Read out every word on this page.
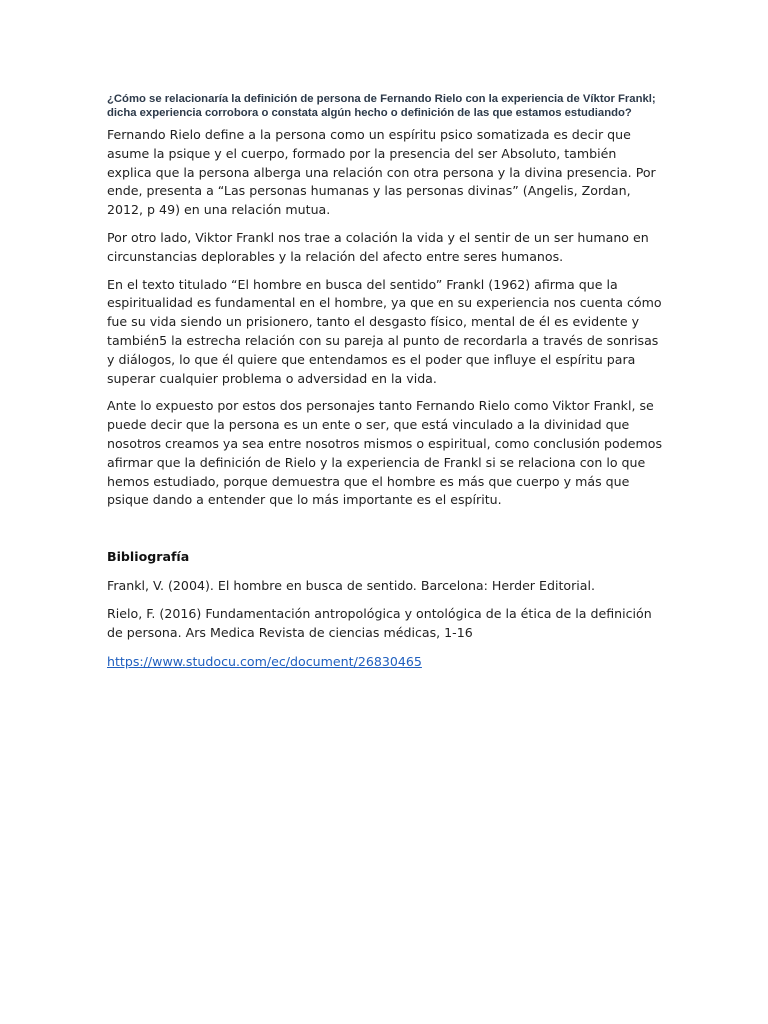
¿Cómo se relacionaría la definición de persona de Fernando Rielo con la experiencia de Víktor Frankl; dicha experiencia corrobora o constata algún hecho o definición de las que estamos estudiando?

Fernando Rielo define a la persona como un espíritu psico somatizada es decir que asume la psique y el cuerpo, formado por la presencia del ser Absoluto, también explica que la persona alberga una relación con otra persona y la divina presencia. Por ende, presenta a “Las personas humanas y las personas divinas” (Angelis, Zordan, 2012, p 49) en una relación mutua.

Por otro lado, Viktor Frankl nos trae a colación la vida y el sentir de un ser humano en circunstancias deplorables y la relación del afecto entre seres humanos.

En el texto titulado “El hombre en busca del sentido” Frankl (1962) afirma que la espiritualidad es fundamental en el hombre, ya que en su experiencia nos cuenta cómo fue su vida siendo un prisionero, tanto el desgasto físico, mental de él es evidente y también5 la estrecha relación con su pareja al punto de recordarla a través de sonrisas y diálogos, lo que él quiere que entendamos es el poder que influye el espíritu para superar cualquier problema o adversidad en la vida.

Ante lo expuesto por estos dos personajes tanto Fernando Rielo como Viktor Frankl, se puede decir que la persona es un ente o ser, que está vinculado a la divinidad que nosotros creamos ya sea entre nosotros mismos o espiritual, como conclusión podemos afirmar que la definición de Rielo y la experiencia de Frankl si se relaciona con lo que hemos estudiado, porque demuestra que el hombre es más que cuerpo y más que psique dando a entender que lo más importante es el espíritu.

Bibliografía

Frankl, V. (2004). El hombre en busca de sentido. Barcelona: Herder Editorial.

Rielo, F. (2016) Fundamentación antropológica y ontológica de la ética de la definición de persona. Ars Medica Revista de ciencias médicas, 1-16

https://www.studocu.com/ec/document/26830465
